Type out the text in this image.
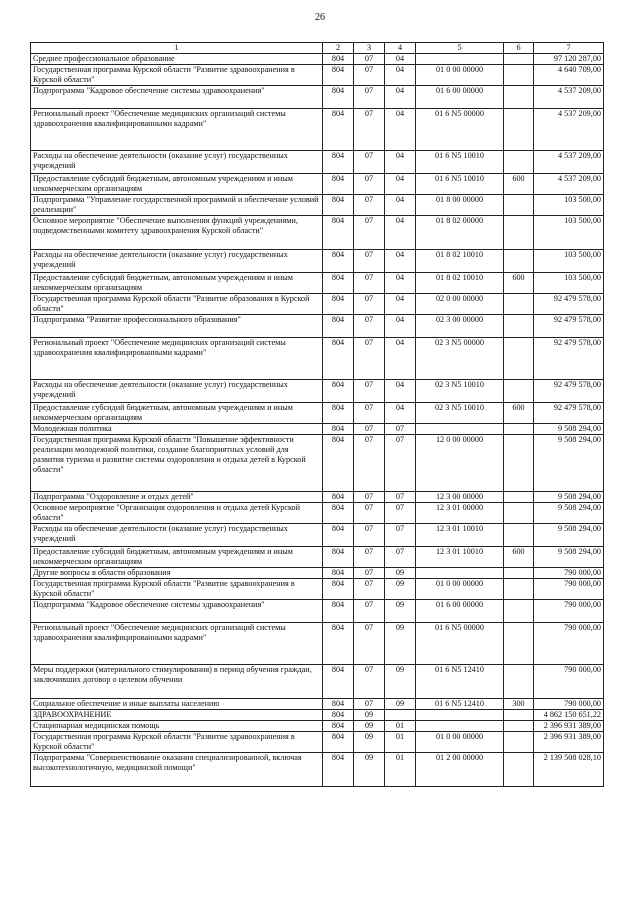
26
1	2	3	4	5	6	7
Среднее профессиональное образование	804	07	04			97 120 287,00
Государственная программа Курской области "Развитие здравоохранения в Курской области"	804	07	04	01 0 00 00000		4 640 709,00
Подпрограмма "Кадровое обеспечение системы здравоохранения"	804	07	04	01 6 00 00000		4 537 209,00
Региональный проект "Обеспечение медицинских организаций системы здравоохранения квалифицированными кадрами"	804	07	04	01 6 N5 00000		4 537 209,00
Расходы на обеспечение деятельности (оказание услуг) государственных учреждений	804	07	04	01 6 N5 10010		4 537 209,00
Предоставление субсидий бюджетным, автономным учреждениям и иным некоммерческим организациям	804	07	04	01 6 N5 10010	600	4 537 209,00
Подпрограмма "Управление государственной программой и обеспечение условий реализации"	804	07	04	01 8 00 00000		103 500,00
Основное мероприятие "Обеспечение выполнения функций учреждениями, подведомственными комитету здравоохранения Курской области"	804	07	04	01 8 02 00000		103 500,00
Расходы на обеспечение деятельности (оказание услуг) государственных учреждений	804	07	04	01 8 02 10010		103 500,00
Предоставление субсидий бюджетным, автономным учреждениям и иным некоммерческим организациям	804	07	04	01 8 02 10010	600	103 500,00
Государственная программа Курской области "Развитие образования в Курской области"	804	07	04	02 0 00 00000		92 479 578,00
Подпрограмма "Развитие профессионального образования"	804	07	04	02 3 00 00000		92 479 578,00
Региональный проект "Обеспечение медицинских организаций системы здравоохранения квалифицированными кадрами"	804	07	04	02 3 N5 00000		92 479 578,00
Расходы на обеспечение деятельности (оказание услуг) государственных учреждений	804	07	04	02 3 N5 10010		92 479 578,00
Предоставление субсидий бюджетным, автономным учреждениям и иным некоммерческим организациям	804	07	04	02 3 N5 10010	600	92 479 578,00
Молодежная политика	804	07	07			9 508 294,00
Государственная программа Курской области "Повышение эффективности реализации молодежной политики, создание благоприятных условий для развития туризма и развитие системы оздоровления и отдыха детей в Курской области"	804	07	07	12 0 00 00000		9 508 294,00
Подпрограмма "Оздоровление и отдых детей"	804	07	07	12 3 00 00000		9 508 294,00
Основное мероприятие "Организация оздоровления и отдыха детей Курской области"	804	07	07	12 3 01 00000		9 508 294,00
Расходы на обеспечение деятельности (оказание услуг) государственных учреждений	804	07	07	12 3 01 10010		9 508 294,00
Предоставление субсидий бюджетным, автономным учреждениям и иным некоммерческим организациям	804	07	07	12 3 01 10010	600	9 508 294,00
Другие вопросы в области образования	804	07	09			790 000,00
Государственная программа Курской области "Развитие здравоохранения в Курской области"	804	07	09	01 0 00 00000		790 000,00
Подпрограмма "Кадровое обеспечение системы здравоохранения"	804	07	09	01 6 00 00000		790 000,00
Региональный проект "Обеспечение медицинских организаций системы здравоохранения квалифицированными кадрами"	804	07	09	01 6 N5 00000		790 000,00
Меры поддержки (материального стимулирования) в период обучения граждан, заключивших договор о целевом обучении	804	07	09	01 6 N5 12410		790 000,00
Социальное обеспечение и иные выплаты населению	804	07	09	01 6 N5 12410	300	790 000,00
ЗДРАВООХРАНЕНИЕ	804	09				4 862 150 651,22
Стационарная медицинская помощь	804	09	01			2 396 931 389,00
Государственная программа Курской области "Развитие здравоохранения в Курской области"	804	09	01	01 0 00 00000		2 396 931 389,00
Подпрограмма "Совершенствование оказания специализированной, включая высокотехнологичную, медицинской помощи"	804	09	01	01 2 00 00000		2 139 508 028,10
